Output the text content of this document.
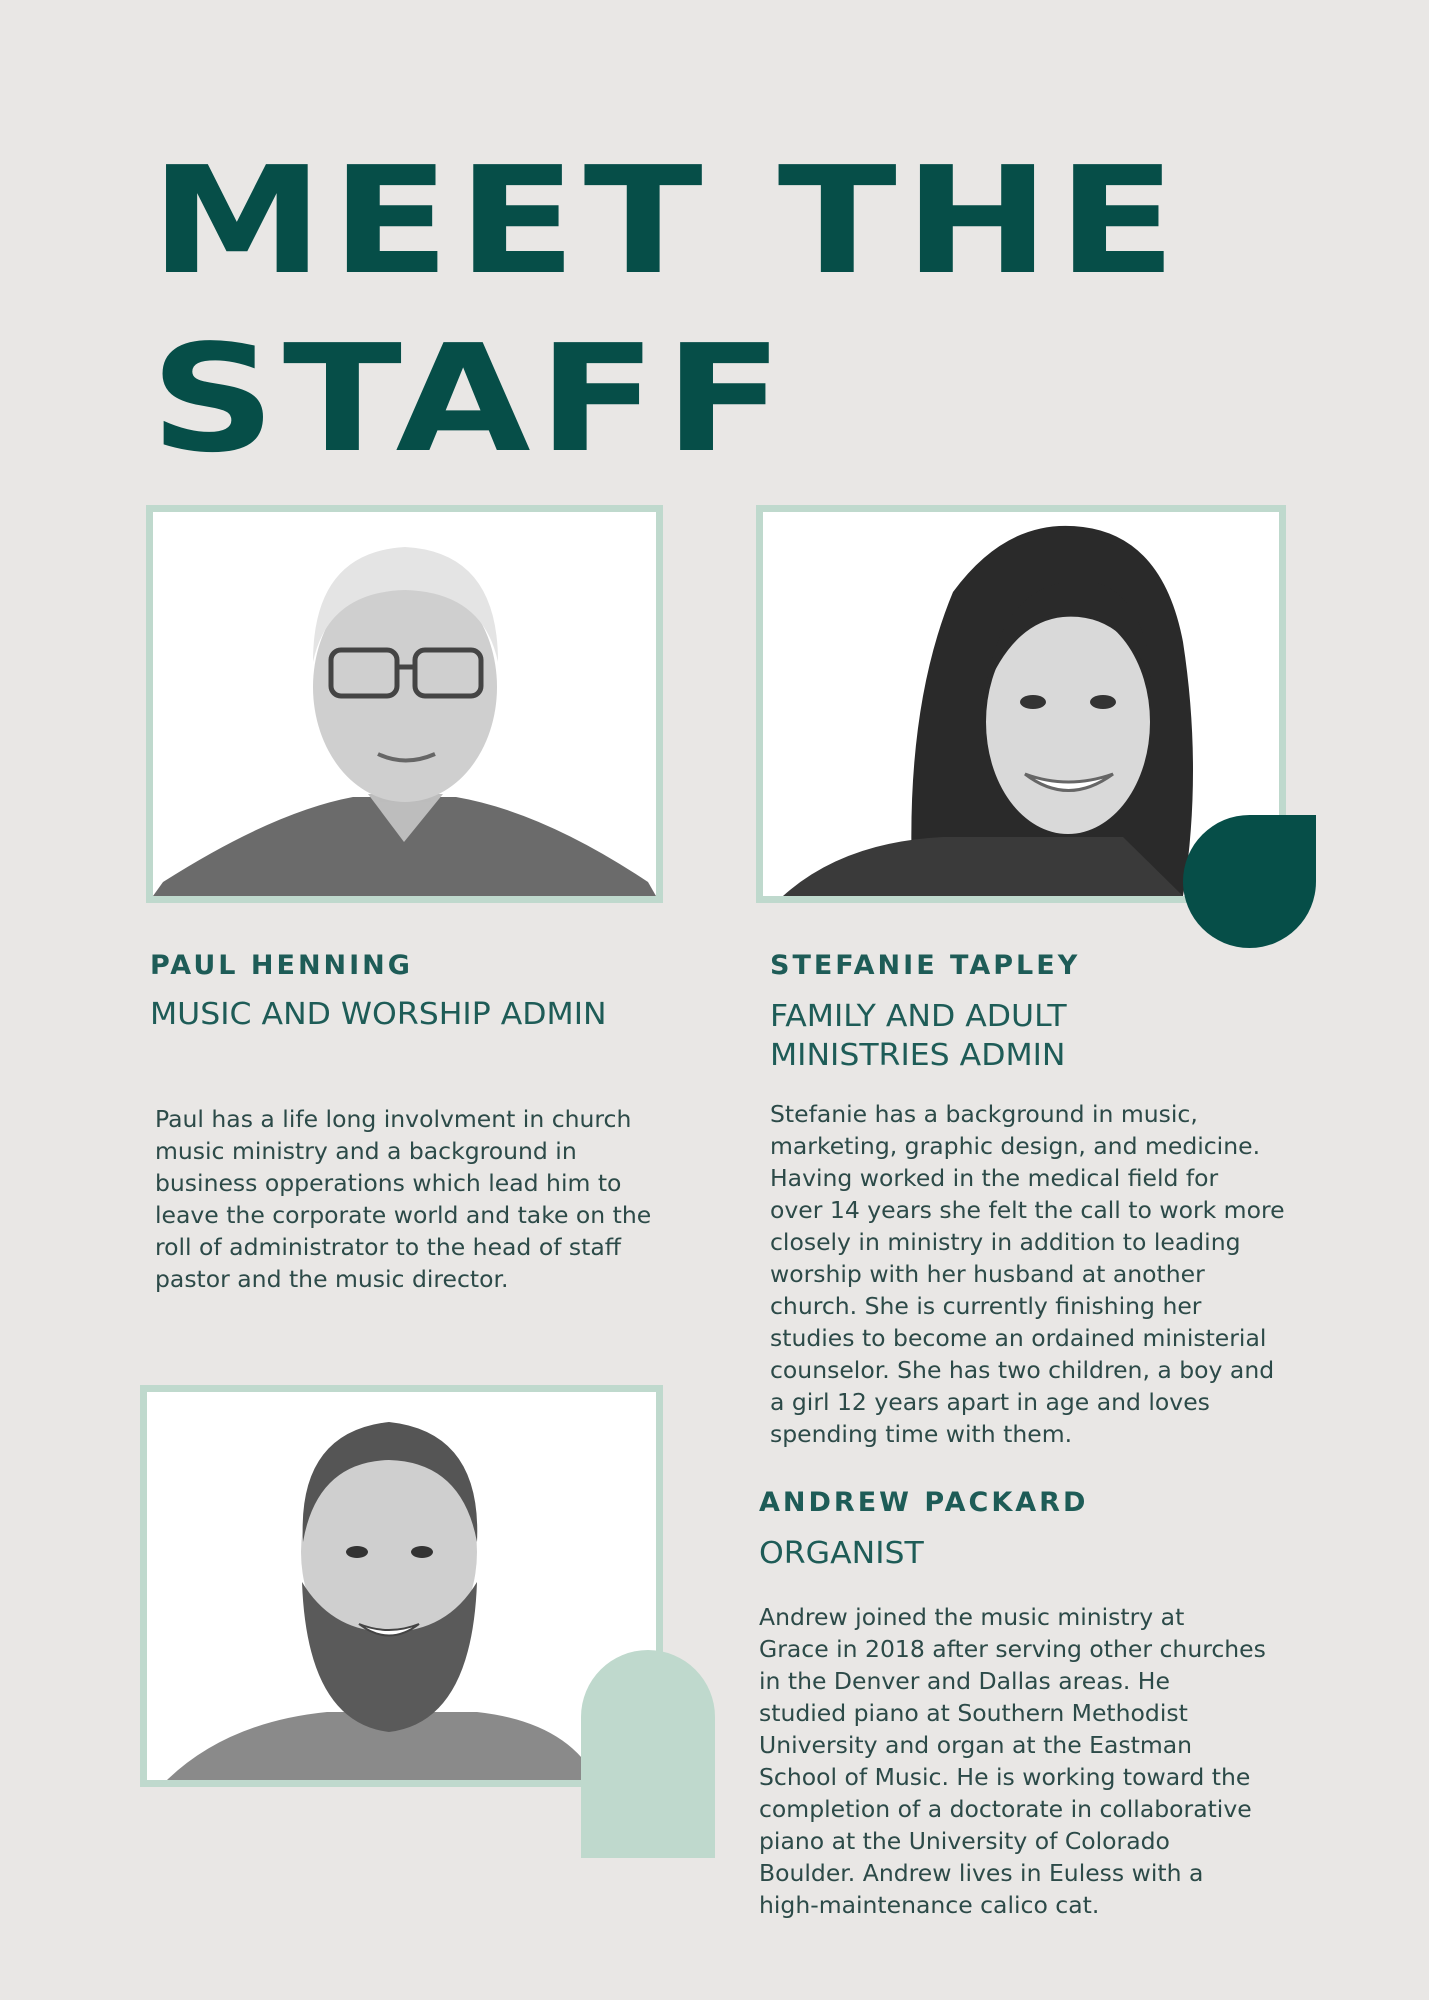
MEET THE
STAFF
PAUL HENNING

MUSIC AND WORSHIP ADMIN

Paul has a life long involvment in church
music ministry and a background in
business opperations which lead him to
leave the corporate world and take on the
roll of administrator to the head of staff
pastor and the music director.
STEFANIE TAPLEY
FAMILY AND ADULT
MINISTRIES ADMIN
Stefanie has a background in music,
marketing, graphic design, and medicine.
Having worked in the medical field for
over 14 years she felt the call to work more
closely in ministry in addition to leading
worship with her husband at another
church. She is currently finishing her
studies to become an ordained ministerial
counselor. She has two children, a boy and
a girl 12 years apart in age and loves
spending time with them.
ANDREW PACKARD

ORGANIST

Andrew joined the music ministry at
Grace in 2018 after serving other churches
in the Denver and Dallas areas. He
studied piano at Southern Methodist
University and organ at the Eastman
School of Music. He is working toward the
completion of a doctorate in collaborative
piano at the University of Colorado
Boulder. Andrew lives in Euless with a
high-maintenance calico cat.
